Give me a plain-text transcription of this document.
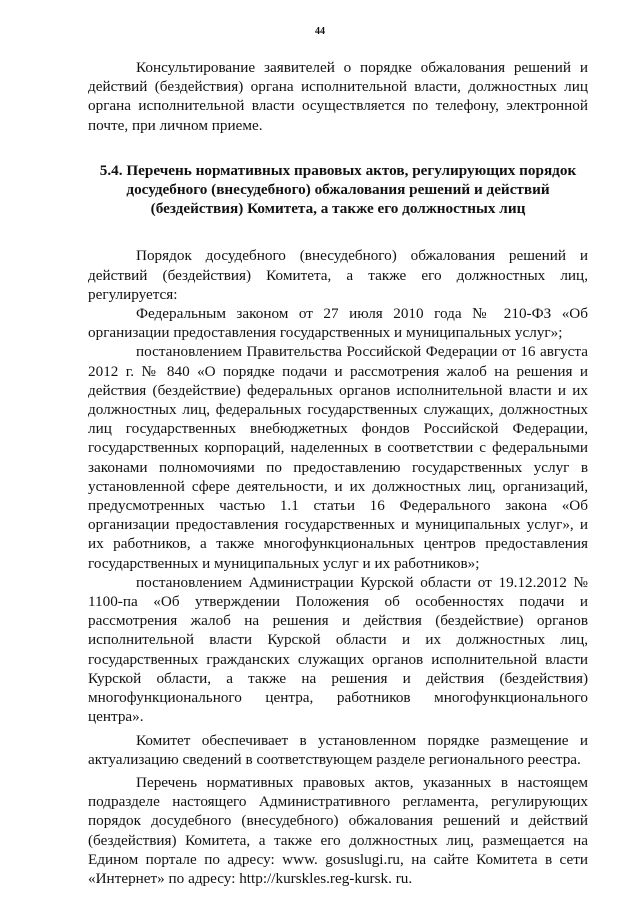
44

Консультирование заявителей о порядке обжалования решений и действий (бездействия) органа исполнительной власти, должностных лиц органа исполнительной власти осуществляется по телефону, электронной почте, при личном приеме.

5.4. Перечень нормативных правовых актов, регулирующих порядок досудебного (внесудебного) обжалования решений и действий (бездействия) Комитета, а также его должностных лиц

Порядок досудебного (внесудебного) обжалования решений и действий (бездействия) Комитета, а также его должностных лиц, регулируется:

Федеральным законом от 27 июля 2010 года № 210-ФЗ «Об организации предоставления государственных и муниципальных услуг»;

постановлением Правительства Российской Федерации от 16 августа 2012 г. № 840 «О порядке подачи и рассмотрения жалоб на решения и действия (бездействие) федеральных органов исполнительной власти и их должностных лиц, федеральных государственных служащих, должностных лиц государственных внебюджетных фондов Российской Федерации, государственных корпораций, наделенных в соответствии с федеральными законами полномочиями по предоставлению государственных услуг в установленной сфере деятельности, и их должностных лиц, организаций, предусмотренных частью 1.1 статьи 16 Федерального закона «Об организации предоставления государственных и муниципальных услуг», и их работников, а также многофункциональных центров предоставления государственных и муниципальных услуг и их работников»;

постановлением Администрации Курской области от 19.12.2012 № 1100-па «Об утверждении Положения об особенностях подачи и рассмотрения жалоб на решения и действия (бездействие) органов исполнительной власти Курской области и их должностных лиц, государственных гражданских служащих органов исполнительной власти Курской области, а также на решения и действия (бездействия) многофункционального центра, работников многофункционального центра».

Комитет обеспечивает в установленном порядке размещение и актуализацию сведений в соответствующем разделе регионального реестра.

Перечень нормативных правовых актов, указанных в настоящем подразделе настоящего Административного регламента, регулирующих порядок досудебного (внесудебного) обжалования решений и действий (бездействия) Комитета, а также его должностных лиц, размещается на Едином портале по адресу: www. gosuslugi.ru, на сайте Комитета в сети «Интернет» по адресу: http://kurskles.reg-kursk. ru.
